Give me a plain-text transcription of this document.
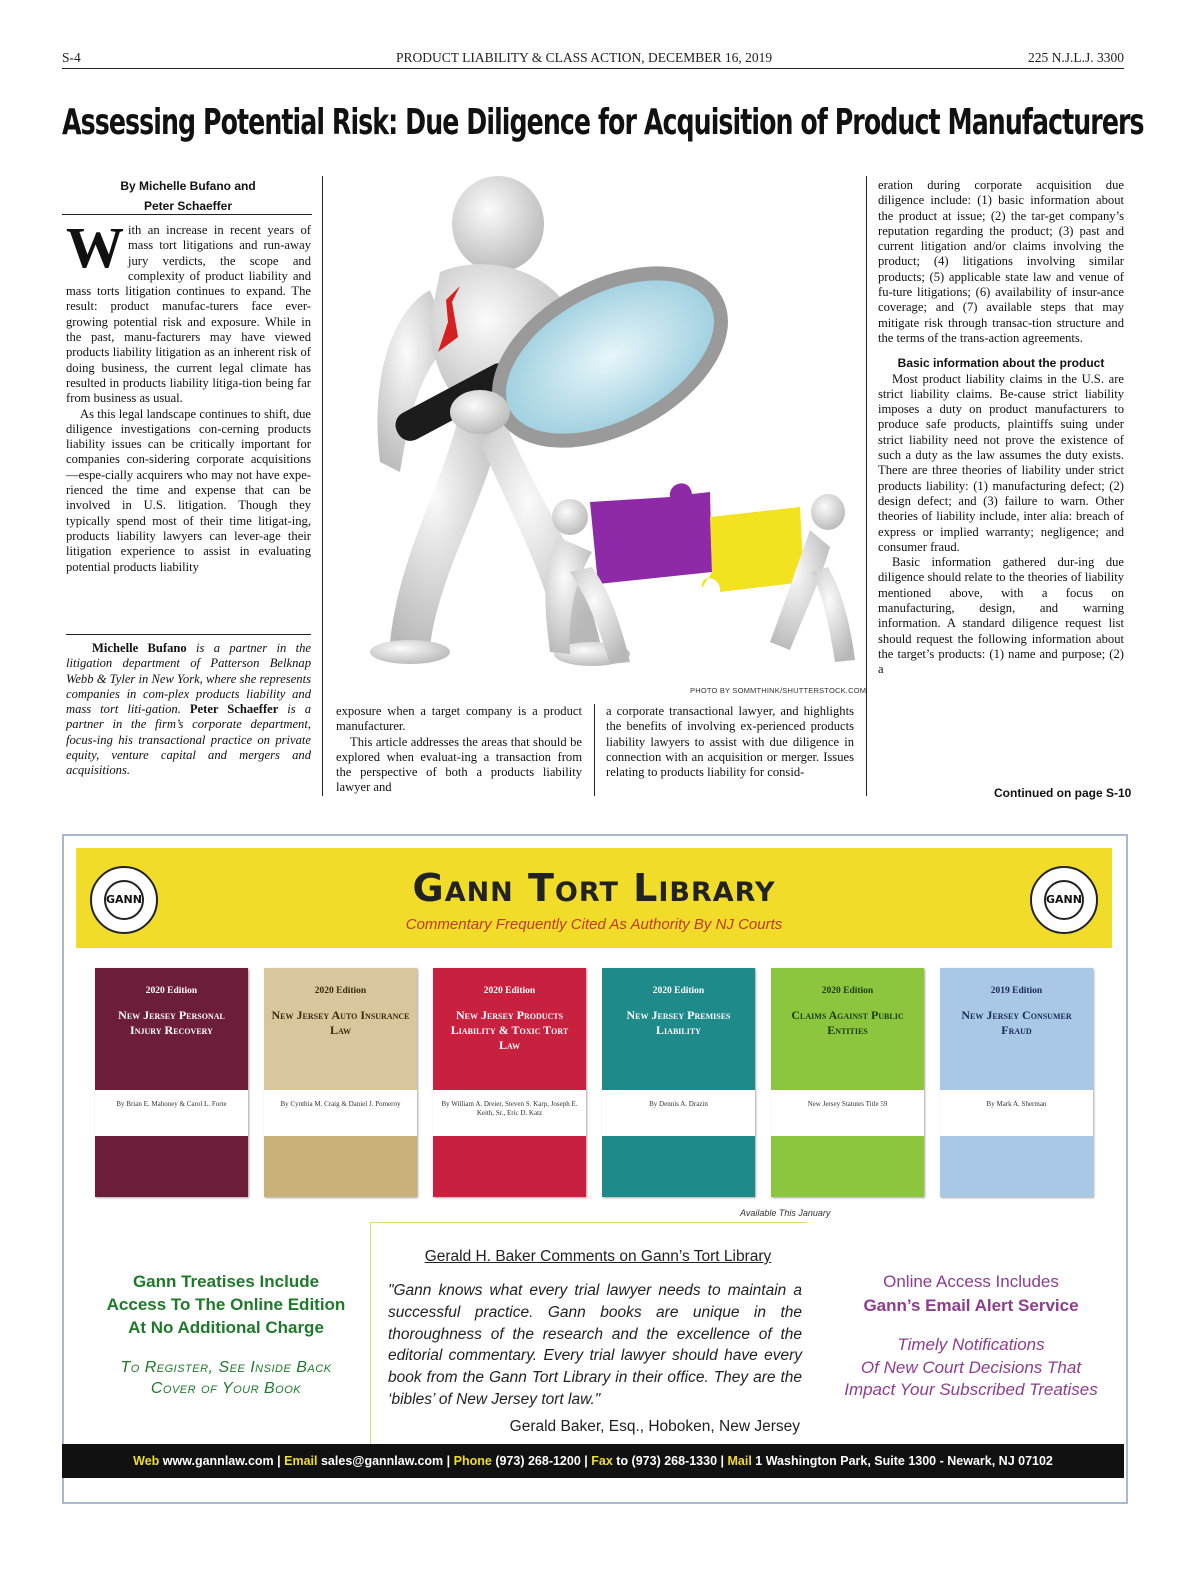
S-4	PRODUCT LIABILITY & CLASS ACTION, DECEMBER 16, 2019	225 N.J.L.J. 3300
Assessing Potential Risk: Due Diligence for Acquisition of Product Manufacturers
By Michelle Bufano and
Peter Schaeffer

With an increase in recent years of mass tort litigations and run-away jury verdicts, the scope and complexity of product liability and mass torts litigation continues to expand. The result: product manufac-turers face ever-growing potential risk and exposure. While in the past, manu-facturers may have viewed products liability litigation as an inherent risk of doing business, the current legal climate has resulted in products liability litiga-tion being far from business as usual.

As this legal landscape continues to shift, due diligence investigations con-cerning products liability issues can be critically important for companies con-sidering corporate acquisitions—espe-cially acquirers who may not have expe-rienced the time and expense that can be involved in U.S. litigation. Though they typically spend most of their time litigat-ing, products liability lawyers can lever-age their litigation experience to assist in evaluating potential products liability

Michelle Bufano is a partner in the litigation department of Patterson Belknap Webb & Tyler in New York, where she represents companies in com-plex products liability and mass tort liti-gation. Peter Schaeffer is a partner in the firm’s corporate department, focus-ing his transactional practice on private equity, venture capital and mergers and acquisitions.

PHOTO BY SOMMTHINK/SHUTTERSTOCK.COM

exposure when a target company is a product manufacturer.

This article addresses the areas that should be explored when evaluat-ing a transaction from the perspective of both a products liability lawyer and

a corporate transactional lawyer, and highlights the benefits of involving ex-perienced products liability lawyers to assist with due diligence in connection with an acquisition or merger. Issues relating to products liability for consid-

eration during corporate acquisition due diligence include: (1) basic information about the product at issue; (2) the tar-get company’s reputation regarding the product; (3) past and current litigation and/or claims involving the product; (4) litigations involving similar products; (5) applicable state law and venue of fu-ture litigations; (6) availability of insur-ance coverage; and (7) available steps that may mitigate risk through transac-tion structure and the terms of the trans-action agreements.

Basic information about the product

Most product liability claims in the U.S. are strict liability claims. Be-cause strict liability imposes a duty on product manufacturers to produce safe products, plaintiffs suing under strict liability need not prove the existence of such a duty as the law assumes the duty exists. There are three theories of liability under strict products liability: (1) manufacturing defect; (2) design defect; and (3) failure to warn. Other theories of liability include, inter alia: breach of express or implied warranty; negligence; and consumer fraud.

Basic information gathered dur-ing due diligence should relate to the theories of liability mentioned above, with a focus on manufacturing, design, and warning information. A standard diligence request list should request the following information about the target’s products: (1) name and purpose; (2) a

Continued on page S-10
GANN	GANN
Gann Tort Library
Commentary Frequently Cited As Authority By NJ Courts
2020 Edition
New Jersey Personal Injury Recovery
By Brian E. Mahoney & Carol L. Forte
2020 Edition
New Jersey Auto Insurance Law
By Cynthia M. Craig & Daniel J. Pomeroy
2020 Edition
New Jersey Products Liability & Toxic Tort Law
By William A. Dreier, Steven S. Karp, Joseph E. Keith, Sr., Eric D. Katz
2020 Edition
New Jersey Premises Liability
By Dennis A. Drazin
2020 Edition
Claims Against Public Entities
New Jersey Statutes Title 59
2019 Edition
New Jersey Consumer Fraud
By Mark A. Sherman
Available This January
Gann Treatises Include
Access To The Online Edition
At No Additional Charge
To Register, See Inside Back
Cover of Your Book
Gerald H. Baker Comments on Gann’s Tort Library
"Gann knows what every trial lawyer needs to maintain a successful practice. Gann books are unique in the thoroughness of the research and the excellence of the editorial commentary. Every trial lawyer should have every book from the Gann Tort Library in their office. They are the ‘bibles’ of New Jersey tort law."
Gerald Baker, Esq., Hoboken, New Jersey
Online Access Includes
Gann’s Email Alert Service
Timely Notifications
Of New Court Decisions That
Impact Your Subscribed Treatises
Web www.gannlaw.com | Email sales@gannlaw.com | Phone (973) 268-1200 | Fax to (973) 268-1330 | Mail 1 Washington Park, Suite 1300 - Newark, NJ 07102
